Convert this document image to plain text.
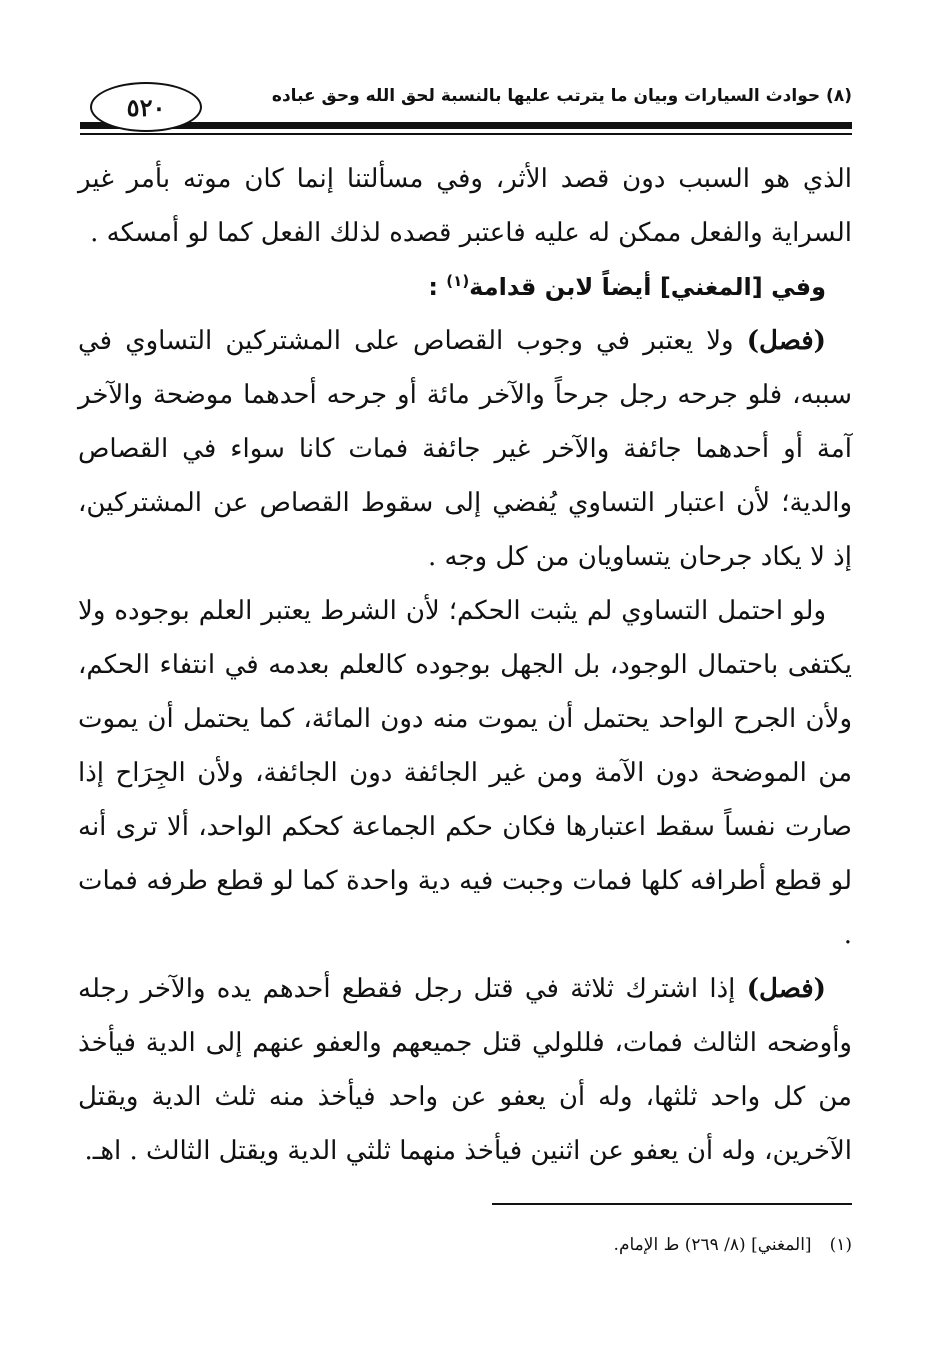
٥٢٠	(٨) حوادث السيارات وبيان ما يترتب عليها بالنسبة لحق الله وحق عباده

الذي هو السبب دون قصد الأثر، وفي مسألتنا إنما كان موته بأمر غير السراية والفعل ممكن له عليه فاعتبر قصده لذلك الفعل كما لو أمسكه .

وفي [المغني] أيضاً لابن قدامة$^{(١)}$ :

(فصل) ولا يعتبر في وجوب القصاص على المشتركين التساوي في سببه، فلو جرحه رجل جرحاً والآخر مائة أو جرحه أحدهما موضحة والآخر آمة أو أحدهما جائفة والآخر غير جائفة فمات كانا سواء في القصاص والدية؛ لأن اعتبار التساوي يُفضي إلى سقوط القصاص عن المشتركين، إذ لا يكاد جرحان يتساويان من كل وجه .

ولو احتمل التساوي لم يثبت الحكم؛ لأن الشرط يعتبر العلم بوجوده ولا يكتفى باحتمال الوجود، بل الجهل بوجوده كالعلم بعدمه في انتفاء الحكم، ولأن الجرح الواحد يحتمل أن يموت منه دون المائة، كما يحتمل أن يموت من الموضحة دون الآمة ومن غير الجائفة دون الجائفة، ولأن الجِرَاح إذا صارت نفساً سقط اعتبارها فكان حكم الجماعة كحكم الواحد، ألا ترى أنه لو قطع أطرافه كلها فمات وجبت فيه دية واحدة كما لو قطع طرفه فمات .

(فصل) إذا اشترك ثلاثة في قتل رجل فقطع أحدهم يده والآخر رجله وأوضحه الثالث فمات، فللولي قتل جميعهم والعفو عنهم إلى الدية فيأخذ من كل واحد ثلثها، وله أن يعفو عن واحد فيأخذ منه ثلث الدية ويقتل الآخرين، وله أن يعفو عن اثنين فيأخذ منهما ثلثي الدية ويقتل الثالث . اهـ.

(١)[المغني] (٨/ ٢٦٩) ط الإمام.
